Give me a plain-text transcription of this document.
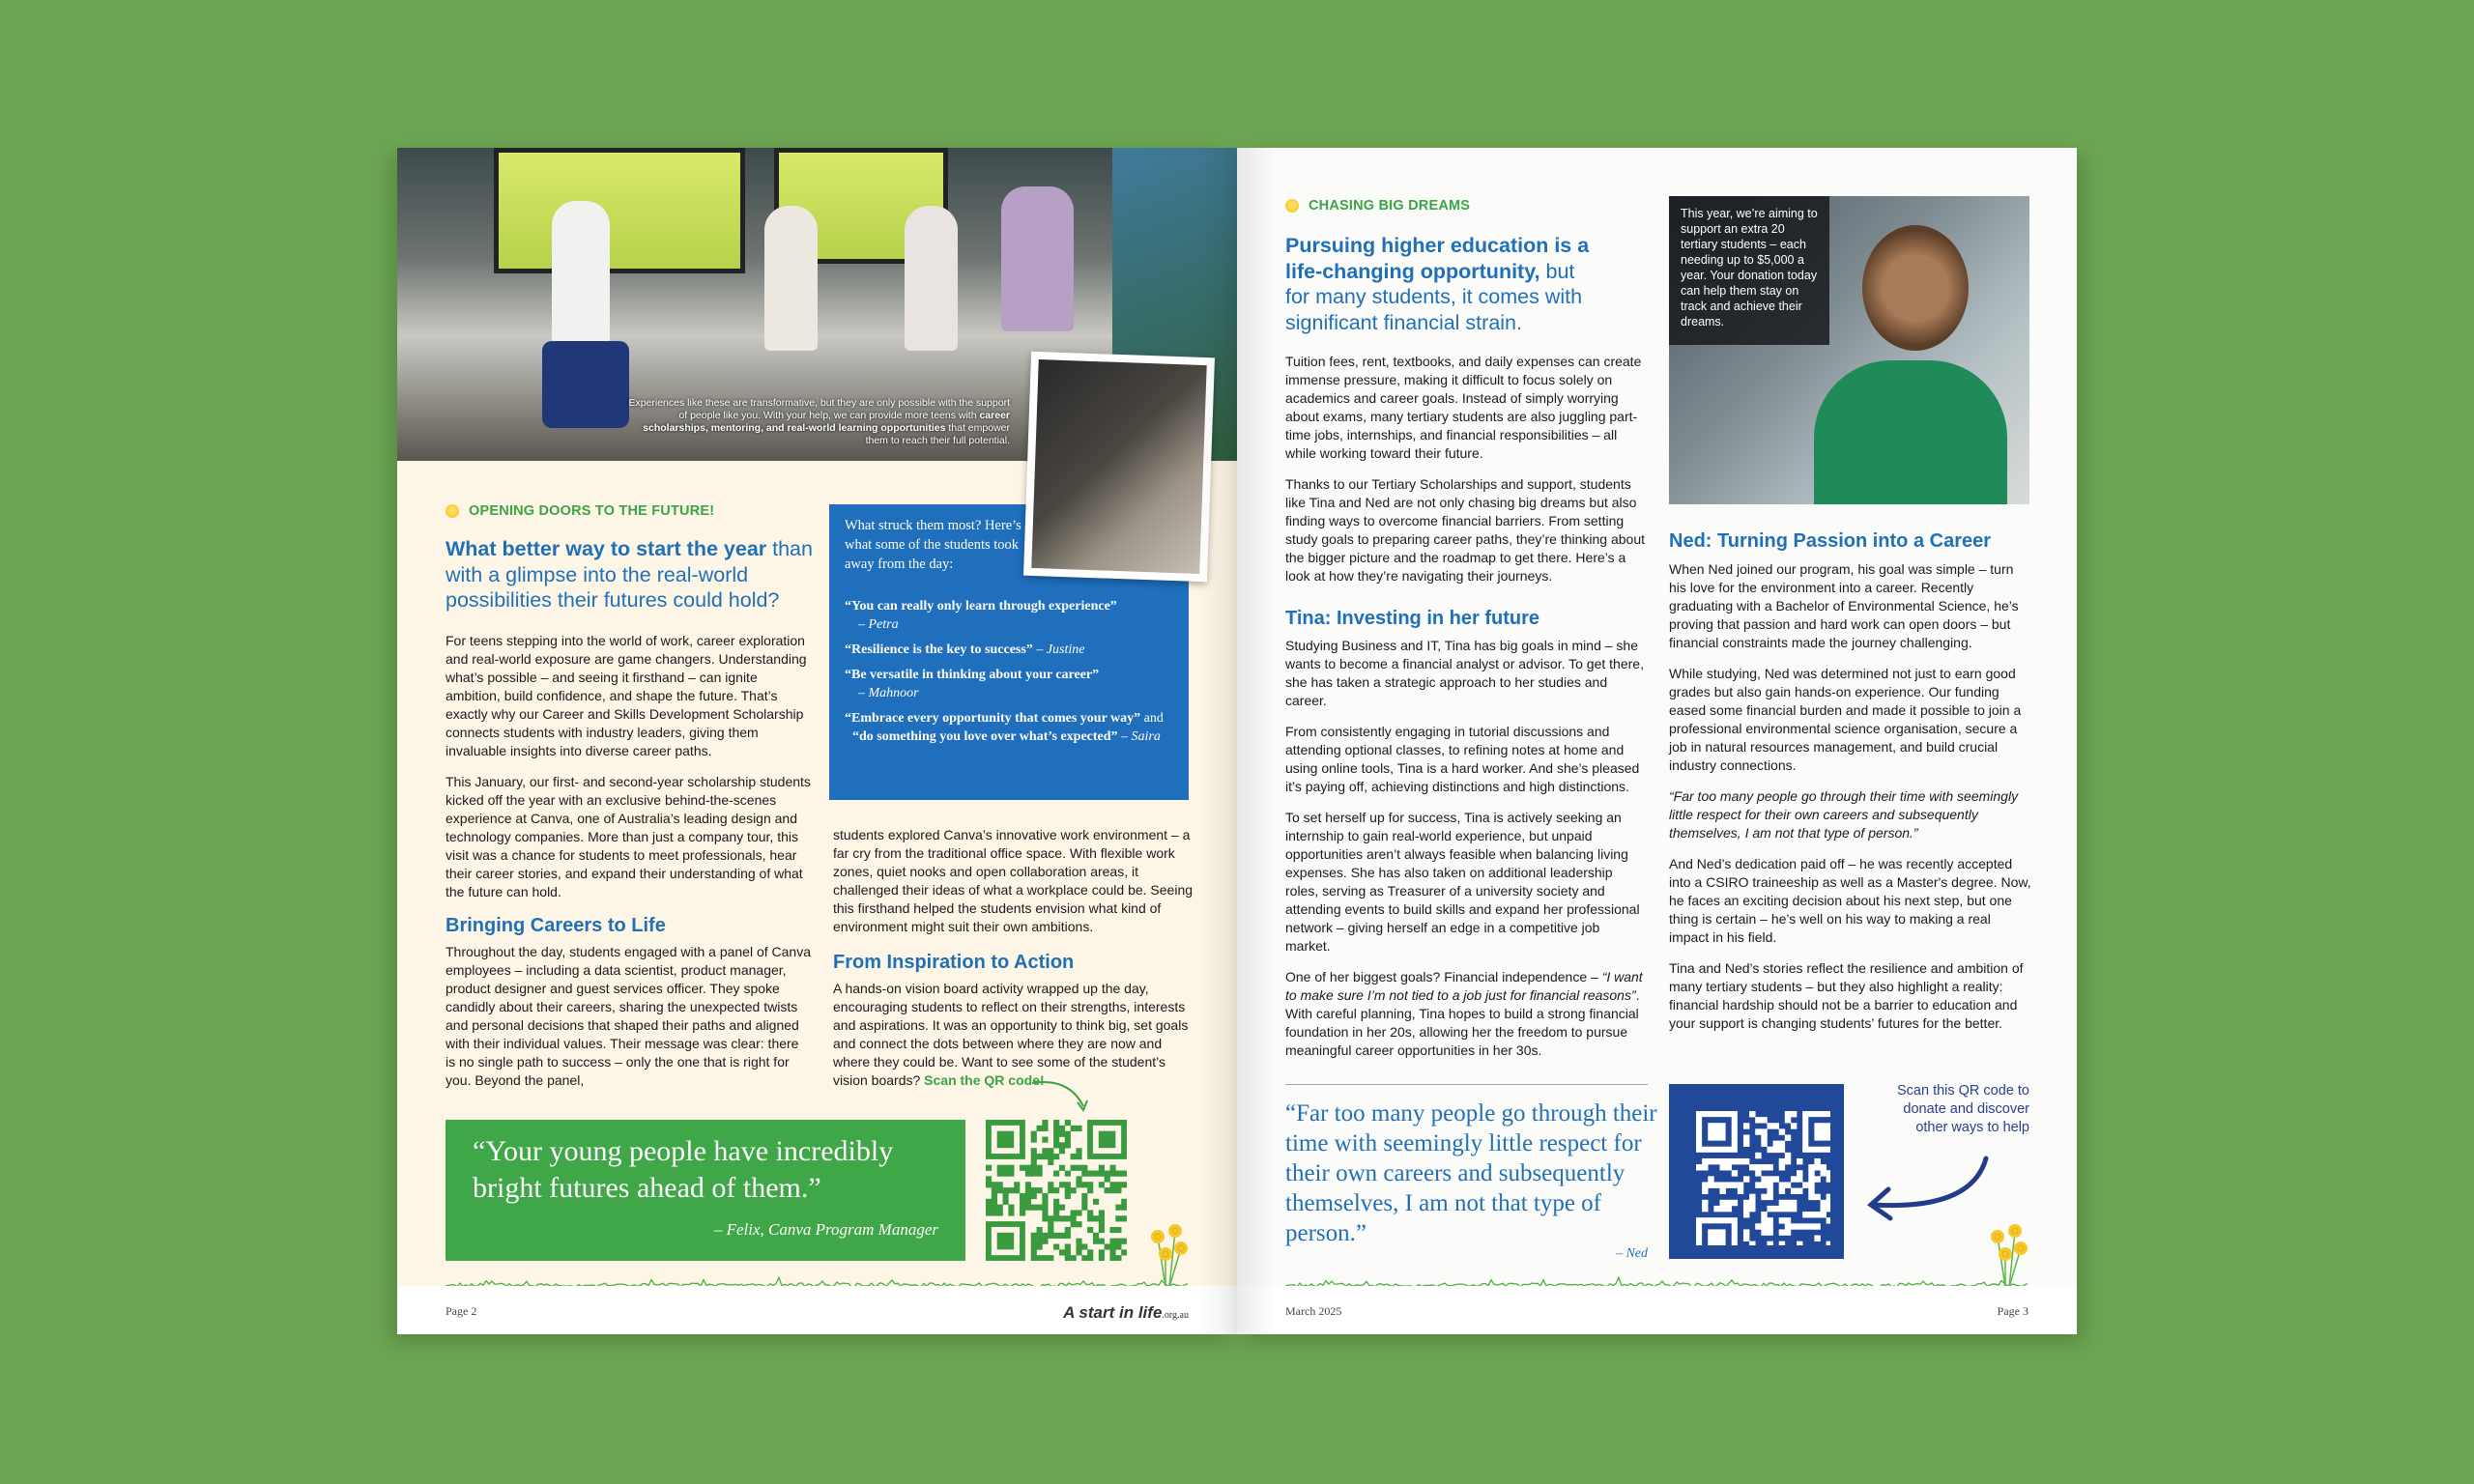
Experiences like these are transformative, but they are only possible with the support of people like you. With your help, we can provide more teens with career scholarships, mentoring, and real-world learning opportunities that empower them to reach their full potential.
OPENING DOORS TO THE FUTURE!
What better way to start the year than with a glimpse into the real-world possibilities their futures could hold?

For teens stepping into the world of work, career exploration and real-world exposure are game changers. Understanding what’s possible – and seeing it firsthand – can ignite ambition, build confidence, and shape the future. That’s exactly why our Career and Skills Development Scholarship connects students with industry leaders, giving them invaluable insights into diverse career paths.

This January, our first- and second-year scholarship students kicked off the year with an exclusive behind-the-scenes experience at Canva, one of Australia’s leading design and technology companies. More than just a company tour, this visit was a chance for students to meet professionals, hear their career stories, and expand their understanding of what the future can hold.

Bringing Careers to Life
Throughout the day, students engaged with a panel of Canva employees – including a data scientist, product manager, product designer and guest services officer. They spoke candidly about their careers, sharing the unexpected twists and personal decisions that shaped their paths and aligned with their individual values. Their message was clear: there is no single path to success – only the one that is right for you. Beyond the panel,
What struck them most? Here’s what some of the students took away from the day:
“You can really only learn through experience”
– Petra
“Resilience is the key to success” – Justine
“Be versatile in thinking about your career”
– Mahnoor
“Embrace every opportunity that comes your way” and “do something you love over what’s expected” – Saira
students explored Canva’s innovative work environment – a far cry from the traditional office space. With flexible work zones, quiet nooks and open collaboration areas, it challenged their ideas of what a workplace could be. Seeing this firsthand helped the students envision what kind of environment might suit their own ambitions.
From Inspiration to Action
A hands-on vision board activity wrapped up the day, encouraging students to reflect on their strengths, interests and aspirations. It was an opportunity to think big, set goals and connect the dots between where they are now and where they could be. Want to see some of the student’s vision boards? Scan the QR code!
“Your young people have incredibly bright futures ahead of them.”
– Felix, Canva Program Manager
Page 2	A start in life.org.au
CHASING BIG DREAMS
Pursuing higher education is a life-changing opportunity, but for many students, it comes with significant financial strain.

Tuition fees, rent, textbooks, and daily expenses can create immense pressure, making it difficult to focus solely on academics and career goals. Instead of simply worrying about exams, many tertiary students are also juggling part-time jobs, internships, and financial responsibilities – all while working toward their future.

Thanks to our Tertiary Scholarships and support, students like Tina and Ned are not only chasing big dreams but also finding ways to overcome financial barriers. From setting study goals to preparing career paths, they’re thinking about the bigger picture and the roadmap to get there. Here’s a look at how they’re navigating their journeys.

Tina: Investing in her future

Studying Business and IT, Tina has big goals in mind – she wants to become a financial analyst or advisor. To get there, she has taken a strategic approach to her studies and career.

From consistently engaging in tutorial discussions and attending optional classes, to refining notes at home and using online tools, Tina is a hard worker. And she’s pleased it’s paying off, achieving distinctions and high distinctions.

To set herself up for success, Tina is actively seeking an internship to gain real-world experience, but unpaid opportunities aren’t always feasible when balancing living expenses. She has also taken on additional leadership roles, serving as Treasurer of a university society and attending events to build skills and expand her professional network – giving herself an edge in a competitive job market.

One of her biggest goals? Financial independence – “I want to make sure I’m not tied to a job just for financial reasons”. With careful planning, Tina hopes to build a strong financial foundation in her 20s, allowing her the freedom to pursue meaningful career opportunities in her 30s.

“Far too many people go through their time with seemingly little respect for their own careers and subsequently themselves, I am not that type of person.”
– Ned
This year, we’re aiming to support an extra 20 tertiary students – each needing up to $5,000 a year. Your donation today can help them stay on track and achieve their dreams.
Ned: Turning Passion into a Career

When Ned joined our program, his goal was simple – turn his love for the environment into a career. Recently graduating with a Bachelor of Environmental Science, he’s proving that passion and hard work can open doors – but financial constraints made the journey challenging.

While studying, Ned was determined not just to earn good grades but also gain hands-on experience. Our funding eased some financial burden and made it possible to join a professional environmental science organisation, secure a job in natural resources management, and build crucial industry connections.

“Far too many people go through their time with seemingly little respect for their own careers and subsequently themselves, I am not that type of person.”

And Ned’s dedication paid off – he was recently accepted into a CSIRO traineeship as well as a Master's degree. Now, he faces an exciting decision about his next step, but one thing is certain – he’s well on his way to making a real impact in his field.

Tina and Ned’s stories reflect the resilience and ambition of many tertiary students – but they also highlight a reality: financial hardship should not be a barrier to education and your support is changing students’ futures for the better.

Scan this QR code to donate and discover other ways to help
March 2025	Page 3
